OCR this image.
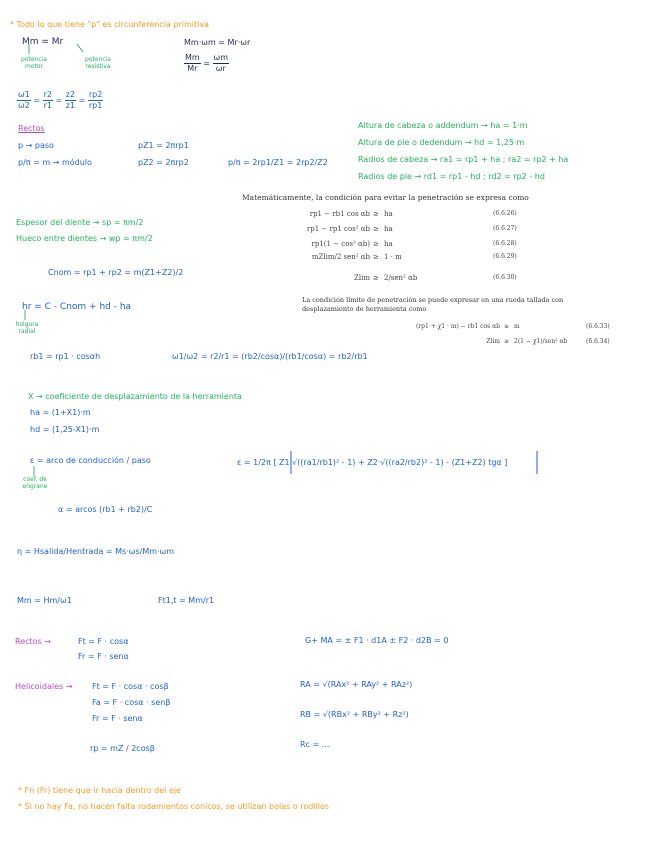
* Todo lo que tiene "p" es circunferencia primitiva
Mm = Mr
potencia motor
potencia resistiva
Mm·ωm = Mr·ωr
$\frac{Mm}{Mr} = \frac{\omega m}{\omega r}$
$\frac{\omega 1}{\omega 2} = \frac{r2}{r1} = \frac{z2}{z1} = \frac{rp2}{rp1}$
Rectos
p → paso	pZ1 = 2πrp1
p/π = m → módulo	pZ2 = 2πrp2	p/π = 2rp1/Z1 = 2rp2/Z2
Altura de cabeza o addendum → ha = 1·m
Altura de pie o dedendum → hd = 1,25·m
Radios de cabeza → ra1 = rp1 + ha ; ra2 = rp2 + ha
Radios de pie → rd1 = rp1 - hd ; rd2 = rp2 - hd
Matemáticamente, la condición para evitar la penetración se expresa como
rp1 − rb1 cos αb ≥ ha	(6.6.26)
rp1 − rp1 cos² αb ≥ ha	(6.6.27)
rp1(1 − cos² αb) ≥ ha	(6.6.28)
mZlim/2 sen² αb ≥ 1 · m	(6.6.29)
Zlim ≥ 2/sen² αb	(6.6.30)
La condición límite de penetración se puede expresar en una rueda tallada con desplazamiento de herramienta como
(rp1 + χ1 · m) − rb1 cos αb ≥ m	(6.6.33)
Zlim ≥ 2(1 − χ1)/sen² αb	(6.6.34)
Espesor del diente → sp = πm/2
Hueco entre dientes → wp = πm/2
Cnom = rp1 + rp2 = m(Z1+Z2)/2
hr = C - Cnom + hd - ha
holgura radial
rb1 = rp1 · cosαh	ω1/ω2 = r2/r1 = (rb2/cosα)/(rb1/cosα) = rb2/rb1
X → coeficiente de desplazamiento de la herramienta
ha = (1+X1)·m
hd = (1,25-X1)·m
ε = arco de conducción / paso
coef. de engrane
ε = 1/2π [ Z1·√((ra1/rb1)² - 1) + Z2·√((ra2/rb2)² - 1) - (Z1+Z2) tgα ]
α = arcos (rb1 + rb2)/C
η = Hsalida/Hentrada = Ms·ωs/Mm·ωm
Mm = Hm/ω1	Ft1,t = Mm/r1
Rectos →	Ft = F · cosα
Fr = F · senα
Helicoidales → Ft = F · cosα · cosβ
Fa = F · cosα · senβ
Fr = F · senα
rp = mZ / 2cosβ
G+ MA = ± F1 · d1A ± F2 · d2B = 0
RA = √(RAx² + RAy² + RAz²)
RB = √(RBx² + RBy² + Rz²)
Rc = ...
* Fn (Fr) tiene que ir hacia dentro del eje
* Si no hay Fa, no hacen falta rodamientos conicos, se utilizan bolas o rodillos
